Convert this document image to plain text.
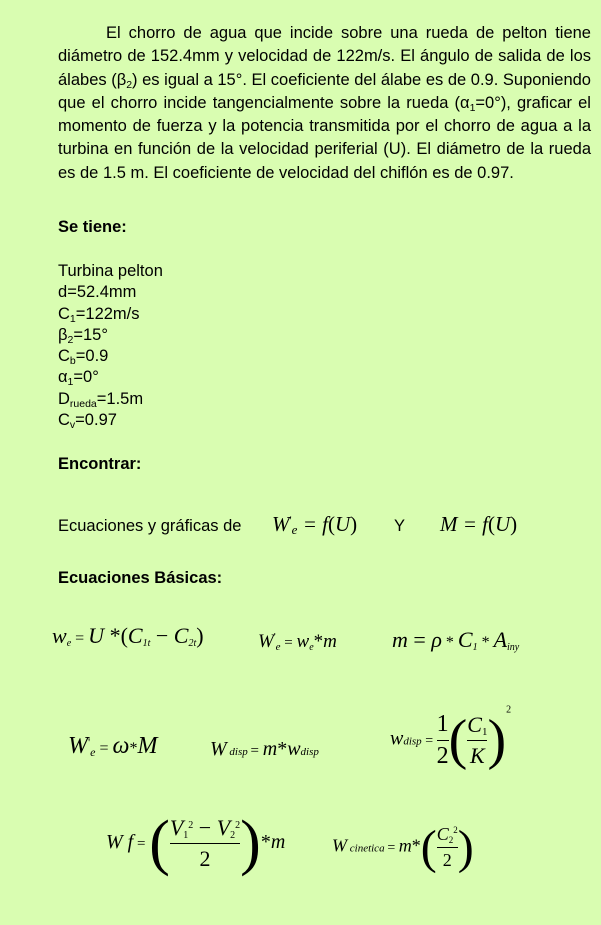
El chorro de agua que incide sobre una rueda de pelton tiene diámetro de 152.4mm y velocidad de 122m/s. El ángulo de salida de los álabes $(\beta_2)$ es igual a 15°. El coeficiente del álabe es de 0.9. Suponiendo que el chorro incide tangencialmente sobre la rueda $(\alpha_1=0^\circ)$, graficar el momento de fuerza y la potencia transmitida por el chorro de agua a la turbina en función de la velocidad periferial (U). El diámetro de la rueda es de 1.5 m. El coeficiente de velocidad del chiflón es de 0.97.
Se tiene:
Turbina pelton
d=52.4mm
$C_1=122m/s$
$\beta_2=15^\circ$
$C_b=0.9$
$\alpha_1=0^\circ$
$D_{rueda}=1.5m$
$C_v=0.97$
Encontrar:
Ecuaciones y gráficas de $W'_e = f(U)$ Y M = f(U)
Ecuaciones Básicas:
$w_e = U$ $*(C_{1t} - C_{2t})$	$W'_e = w_e*m$	$m = \rho * C_1 * A_{iny}$
$W'_e = \omega*M$	W disp = m*wdisp
wdisp = $\frac{1}{2}$ ( $\frac{C_1}{K} )^2$
W f = ( $\frac{V_1^2 - V_2^2}{2} )*m$	W cinetica = $m*( \frac{C_2^2}{2}$ )
